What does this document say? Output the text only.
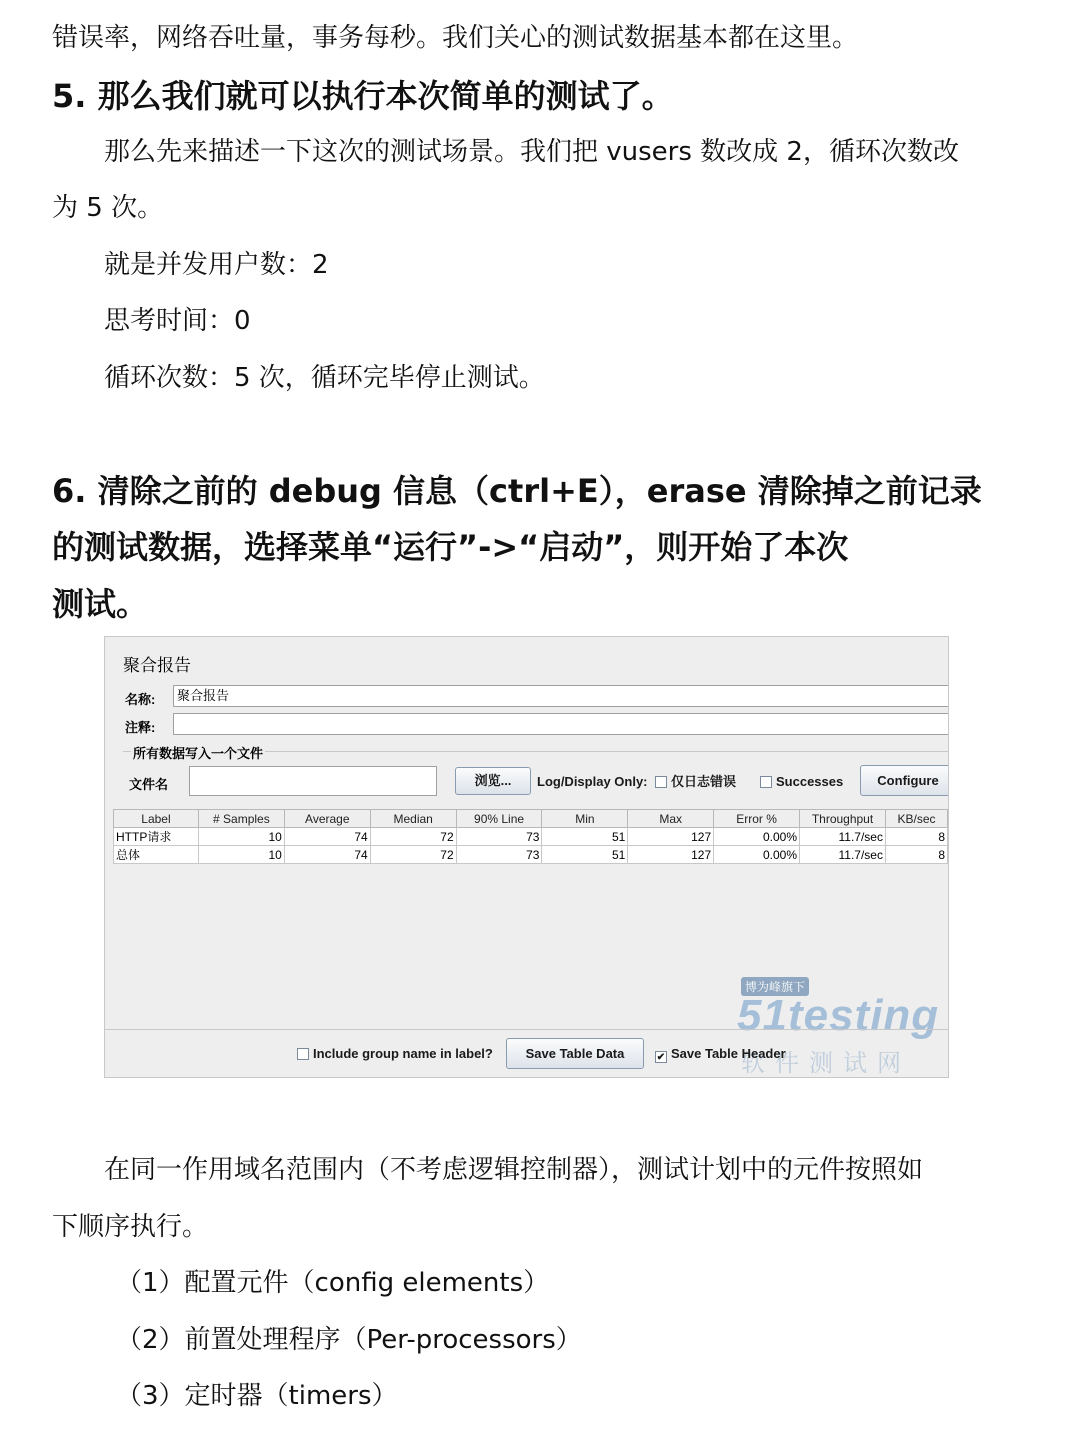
错误率，网络吞吐量，事务每秒。我们关心的测试数据基本都在这里。
5. 那么我们就可以执行本次简单的测试了。
那么先来描述一下这次的测试场景。我们把 vusers 数改成 2，循环次数改
为 5 次。
就是并发用户数：2
思考时间：0
循环次数：5 次，循环完毕停止测试。
6. 清除之前的 debug 信息（ctrl+E），erase 清除掉之前记录
的测试数据，选择菜单“运行”->“启动”，则开始了本次
测试。
聚合报告
名称:	聚合报告
注释:
所有数据写入一个文件
文件名	浏览...	Log/Display Only:	仅日志错误	Successes	Configure
Label	# Samples	Average	Median	90% Line	Min	Max	Error %	Throughput	KB/sec
HTTP请求	10	74	72	73	51	127	0.00%	11.7/sec	8
总体	10	74	72	73	51	127	0.00%	11.7/sec	8
博为峰旗下
51testing
软件测试网
Include group name in label?	Save Table Data	✔ Save Table Header
在同一作用域名范围内（不考虑逻辑控制器），测试计划中的元件按照如
下顺序执行。
（1）配置元件（config elements）
（2）前置处理程序（Per-processors）
（3）定时器（timers）
